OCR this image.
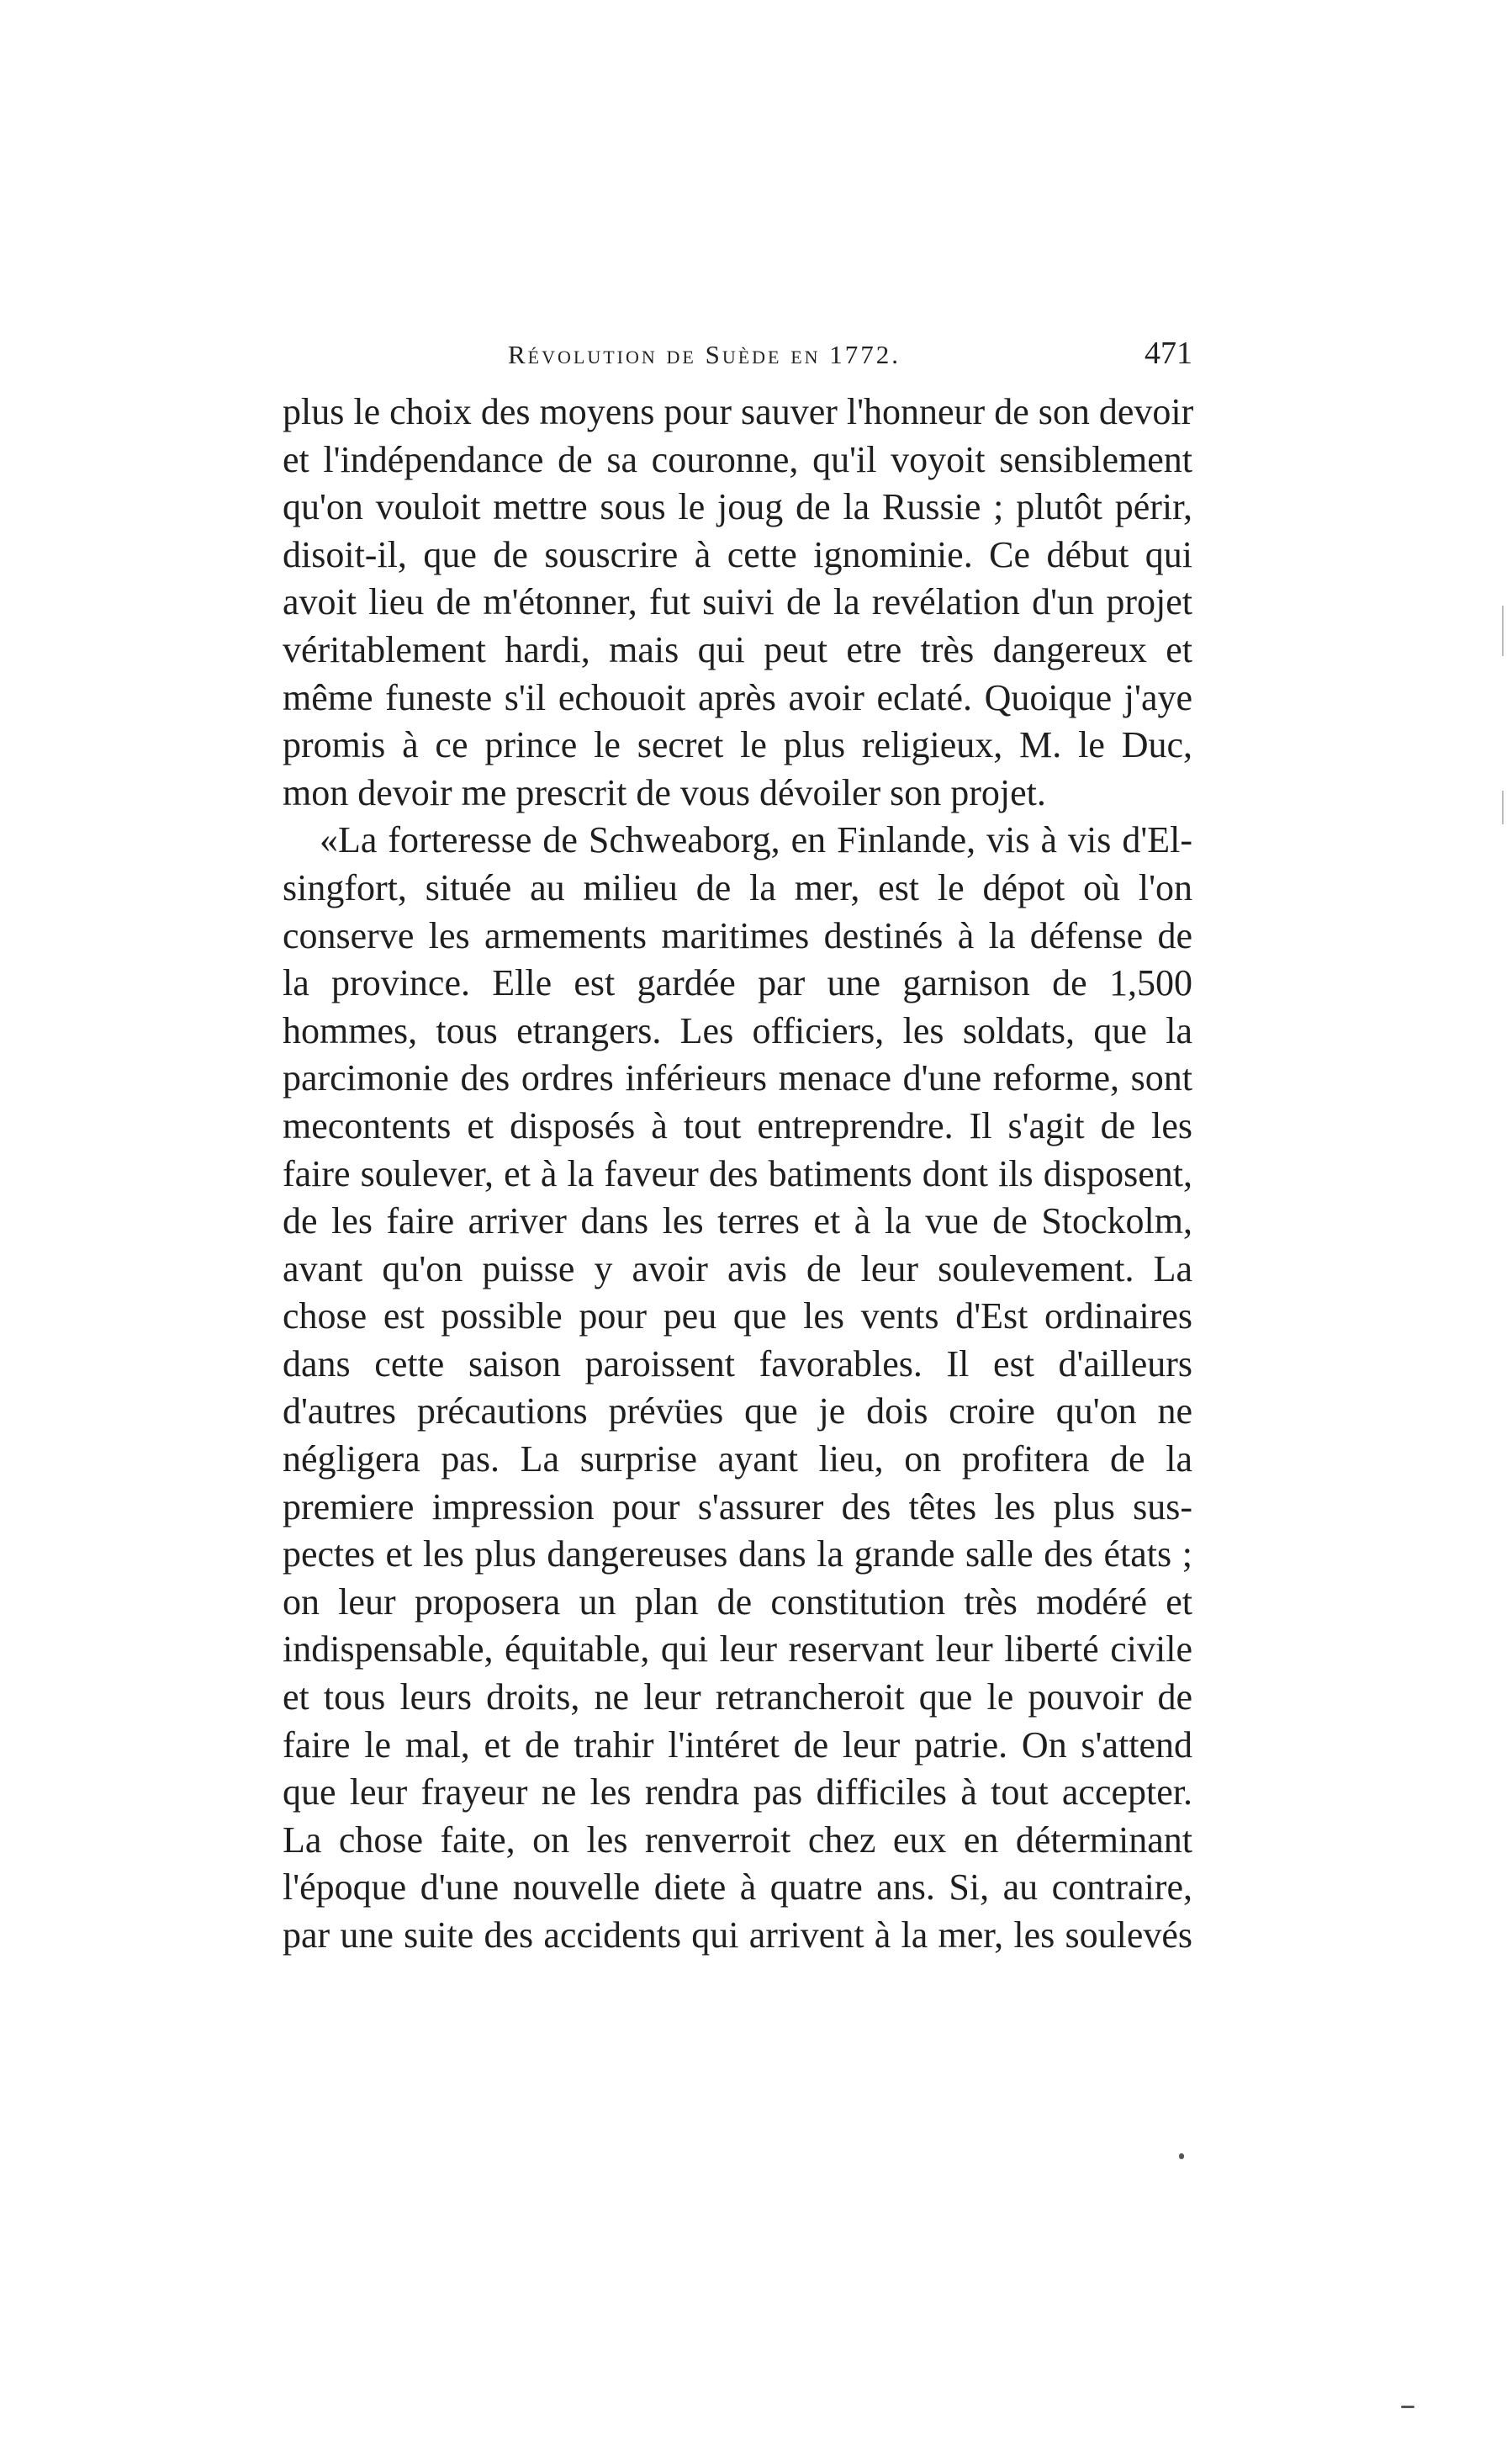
Révolution de Suède en 1772.	471
plus le choix des moyens pour sauver l'honneur de son devoir
et l'indépendance de sa couronne, qu'il voyoit sensiblement
qu'on vouloit mettre sous le joug de la Russie ; plutôt périr,
disoit-il, que de souscrire à cette ignominie. Ce début qui
avoit lieu de m'étonner, fut suivi de la revélation d'un projet
véritablement hardi, mais qui peut etre très dangereux et
même funeste s'il echouoit après avoir eclaté. Quoique j'aye
promis à ce prince le secret le plus religieux, M. le Duc,
mon devoir me prescrit de vous dévoiler son projet.
«La forteresse de Schweaborg, en Finlande, vis à vis d'El-
singfort, située au milieu de la mer, est le dépot où l'on
conserve les armements maritimes destinés à la défense de
la province. Elle est gardée par une garnison de 1,500
hommes, tous etrangers. Les officiers, les soldats, que la
parcimonie des ordres inférieurs menace d'une reforme, sont
mecontents et disposés à tout entreprendre. Il s'agit de les
faire soulever, et à la faveur des batiments dont ils disposent,
de les faire arriver dans les terres et à la vue de Stockolm,
avant qu'on puisse y avoir avis de leur soulevement. La
chose est possible pour peu que les vents d'Est ordinaires
dans cette saison paroissent favorables. Il est d'ailleurs
d'autres précautions prévües que je dois croire qu'on ne
négligera pas. La surprise ayant lieu, on profitera de la
premiere impression pour s'assurer des têtes les plus sus-
pectes et les plus dangereuses dans la grande salle des états ;
on leur proposera un plan de constitution très modéré et
indispensable, équitable, qui leur reservant leur liberté civile
et tous leurs droits, ne leur retrancheroit que le pouvoir de
faire le mal, et de trahir l'intéret de leur patrie. On s'attend
que leur frayeur ne les rendra pas difficiles à tout accepter.
La chose faite, on les renverroit chez eux en déterminant
l'époque d'une nouvelle diete à quatre ans. Si, au contraire,
par une suite des accidents qui arrivent à la mer, les soulevés
